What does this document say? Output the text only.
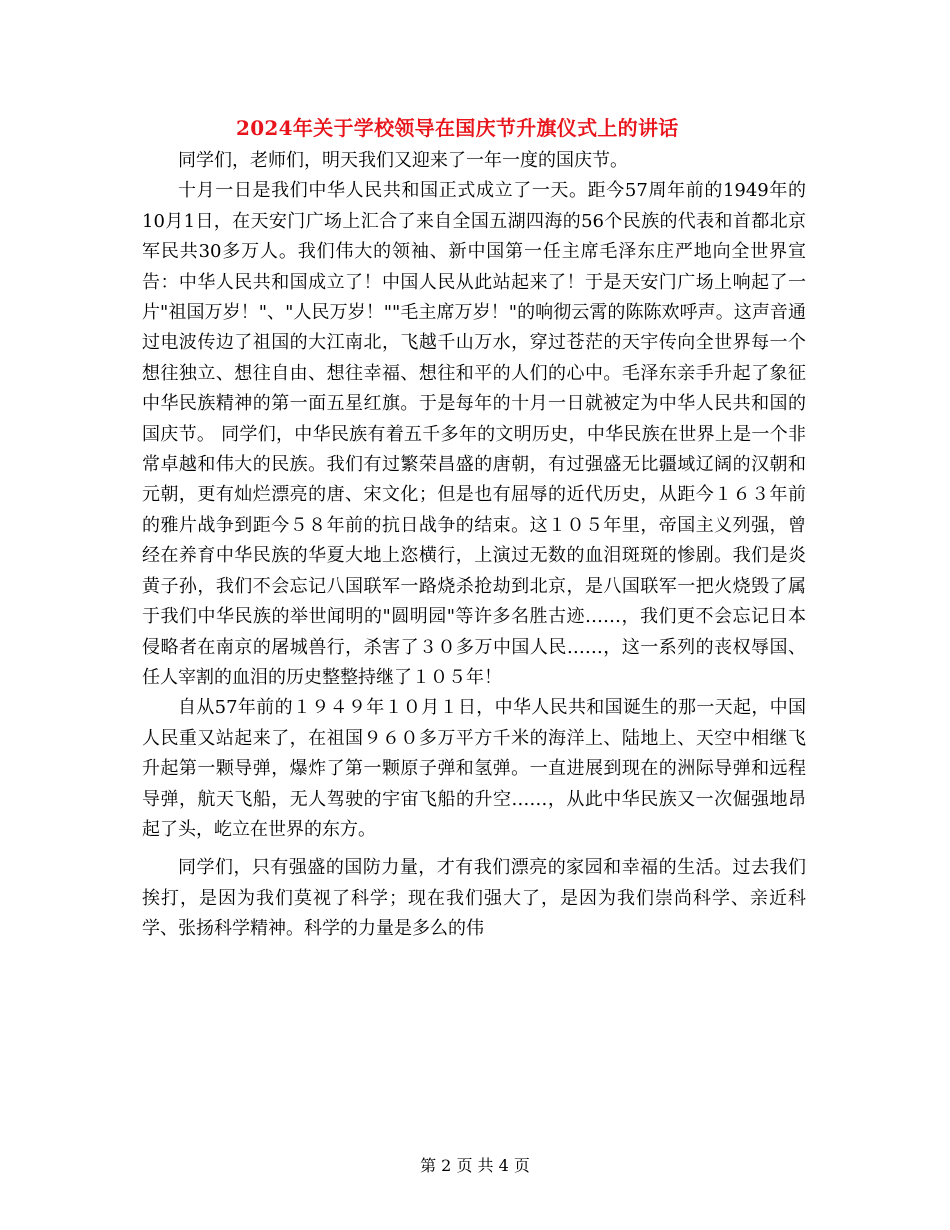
2024年关于学校领导在国庆节升旗仪式上的讲话

同学们，老师们，明天我们又迎来了一年一度的国庆节。

十月一日是我们中华人民共和国正式成立了一天。距今57周年前的1949年的10月1日，在天安门广场上汇合了来自全国五湖四海的56个民族的代表和首都北京军民共30多万人。我们伟大的领袖、新中国第一任主席毛泽东庄严地向全世界宣告：中华人民共和国成立了！中国人民从此站起来了！于是天安门广场上响起了一片"祖国万岁！"、"人民万岁！""毛主席万岁！"的响彻云霄的陈陈欢呼声。这声音通过电波传边了祖国的大江南北，飞越千山万水，穿过苍茫的天宇传向全世界每一个想往独立、想往自由、想往幸福、想往和平的人们的心中。毛泽东亲手升起了象征中华民族精神的第一面五星红旗。于是每年的十月一日就被定为中华人民共和国的国庆节。 同学们，中华民族有着五千多年的文明历史，中华民族在世界上是一个非常卓越和伟大的民族。我们有过繁荣昌盛的唐朝，有过强盛无比疆域辽阔的汉朝和元朝，更有灿烂漂亮的唐、宋文化；但是也有屈辱的近代历史，从距今１６３年前的雅片战争到距今５８年前的抗日战争的结束。这１０５年里，帝国主义列强，曾经在养育中华民族的华夏大地上恣横行，上演过无数的血泪斑斑的惨剧。我们是炎黄子孙，我们不会忘记八国联军一路烧杀抢劫到北京，是八国联军一把火烧毁了属于我们中华民族的举世闻明的"圆明园"等许多名胜古迹……，我们更不会忘记日本侵略者在南京的屠城兽行，杀害了３０多万中国人民……，这一系列的丧权辱国、任人宰割的血泪的历史整整持继了１０５年！

自从57年前的１９４９年１０月１日，中华人民共和国诞生的那一天起，中国人民重又站起来了，在祖国９６０多万平方千米的海洋上、陆地上、天空中相继飞升起第一颗导弹，爆炸了第一颗原子弹和氢弹。一直进展到现在的洲际导弹和远程导弹，航天飞船，无人驾驶的宇宙飞船的升空……，从此中华民族又一次倔强地昂起了头，屹立在世界的东方。

同学们，只有强盛的国防力量，才有我们漂亮的家园和幸福的生活。过去我们挨打，是因为我们莫视了科学；现在我们强大了，是因为我们崇尚科学、亲近科学、张扬科学精神。科学的力量是多么的伟

第 2 页 共 4 页
